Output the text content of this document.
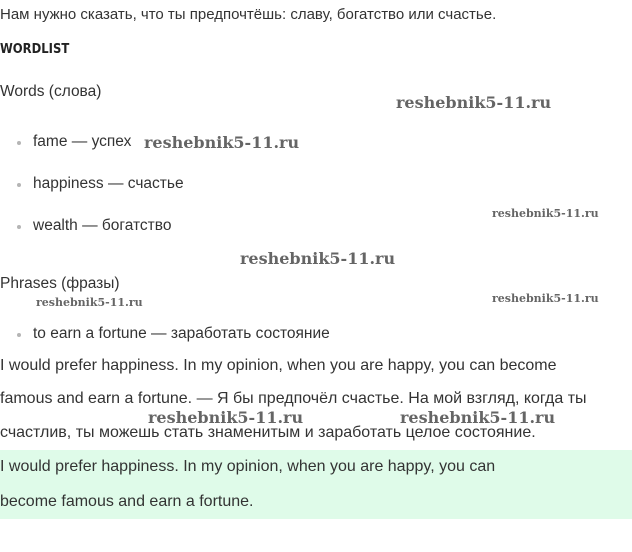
Нам нужно сказать, что ты предпочтёшь: славу, богатство или счастье.
WORDLIST
Words (слова)
fame — успех
happiness — счастье
wealth — богатство
Phrases (фразы)
to earn a fortune — заработать состояние
I would prefer happiness. In my opinion, when you are happy, you can become
famous and earn a fortune. — Я бы предпочёл счастье. На мой взгляд, когда ты
счастлив, ты можешь стать знаменитым и заработать целое состояние.
I would prefer happiness. In my opinion, when you are happy, you can
become famous and earn a fortune.
reshebnik5-11.ru
reshebnik5-11.ru
reshebnik5-11.ru
reshebnik5-11.ru
reshebnik5-11.ru	reshebnik5-11.ru
reshebnik5-11.ru	reshebnik5-11.ru
